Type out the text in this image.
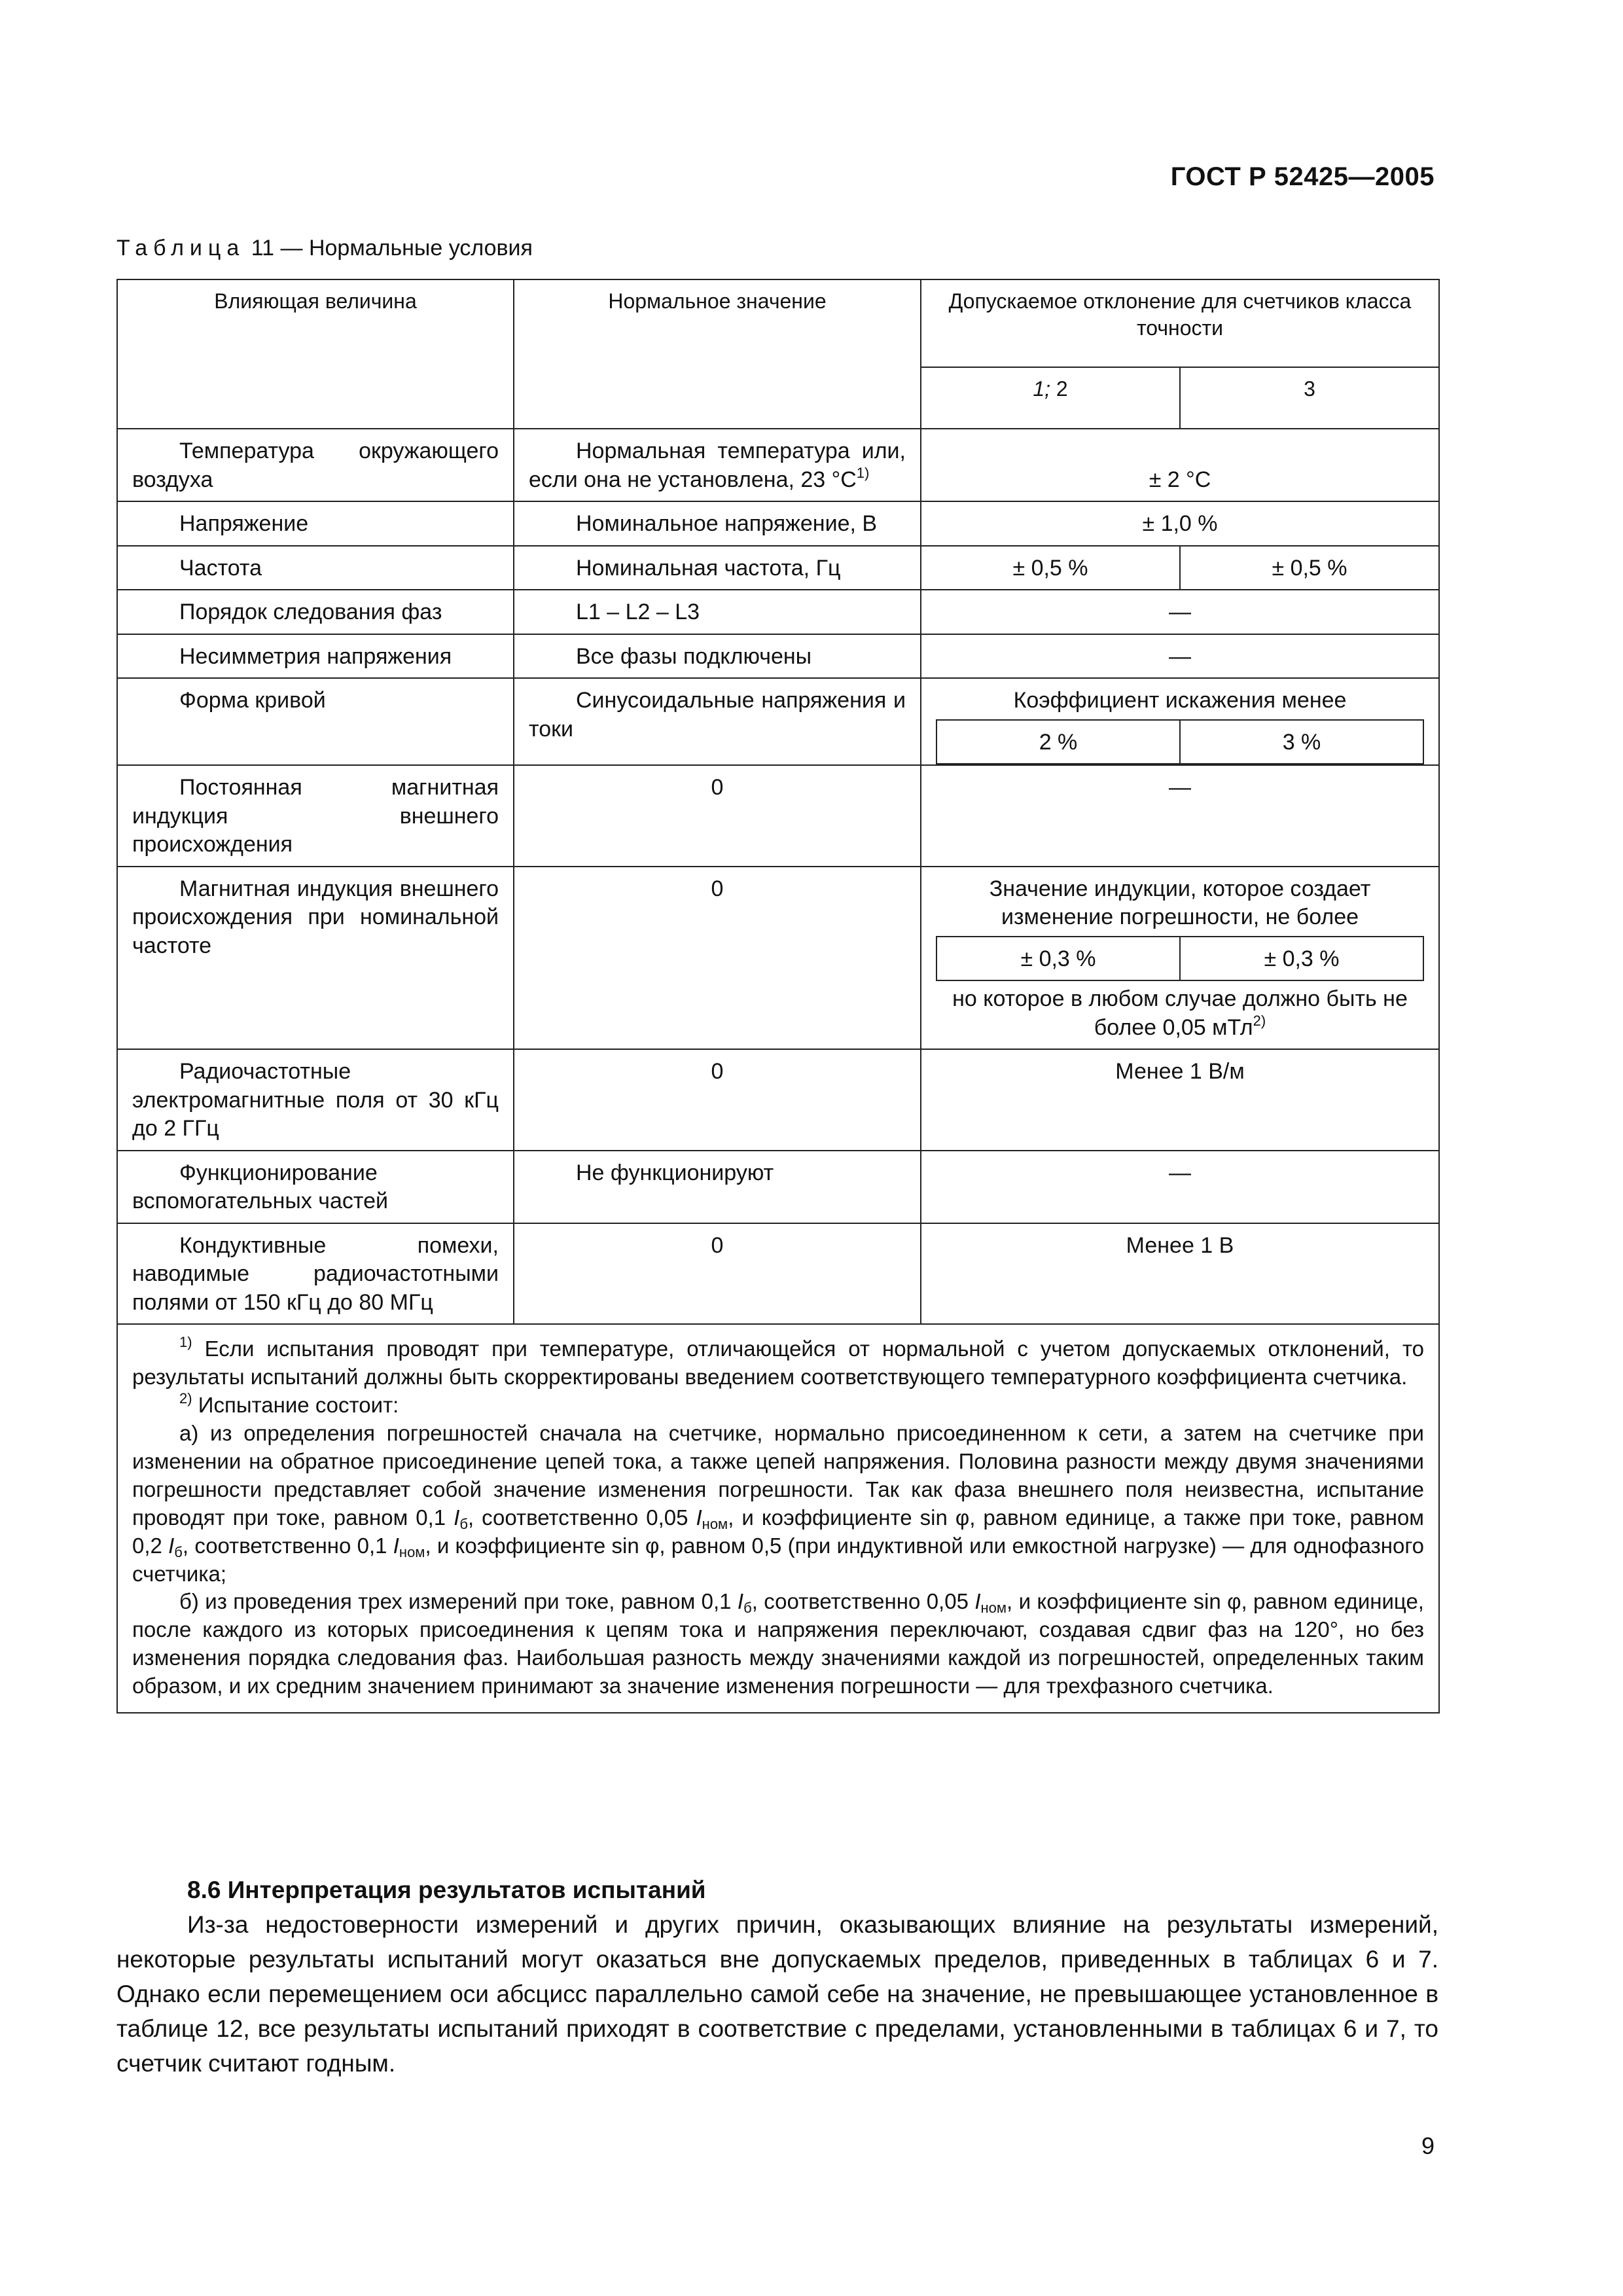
ГОСТ Р 52425—2005
Таблица 11 — Нормальные условия
Влияющая величина	Нормальное значение	Допускаемое отклонение для счетчиков класса точности
1; 2	3
Температура окружающего воздуха	Нормальная температура или, если она не установлена, 23 $^\circ С^{1)}$	± 2 °С
Напряжение	Номинальное напряжение, В	± 1,0 %
Частота	Номинальная частота, Гц	± 0,5 %	± 0,5 %
Порядок следования фаз	L1 – L2 – L3	—
Несимметрия напряжения	Все фазы подключены	—
Форма кривой	Синусоидальные напряжения и токи	
Коэффициент искажения менее
2 %	3 %

Постоянная магнитная индукция внешнего происхождения	0	—
Магнитная индукция внешнего происхождения при номинальной частоте	0	Значение индукции, которое создает изменение погрешности, не более
± 0,3 %	± 0,3 %
но которое в любом случае должно быть не более 0,05 мТл$^{2)}$

Радиочастотные электромагнитные поля от 30 кГц до 2 ГГц	0	Менее 1 В/м
Функционирование вспомогательных частей	Не функционируют	—
Кондуктивные помехи, наводимые радиочастотными полями от 150 кГц до 80 МГц	0	Менее 1 В

$^{1)}$ Если испытания проводят при температуре, отличающейся от нормальной с учетом допускаемых отклонений, то результаты испытаний должны быть скорректированы введением соответствующего температурного коэффициента счетчика.

$^{2)}$ Испытание состоит:

а) из определения погрешностей сначала на счетчике, нормально присоединенном к сети, а затем на счетчике при изменении на обратное присоединение цепей тока, а также цепей напряжения. Половина разности между двумя значениями погрешности представляет собой значение изменения погрешности. Так как фаза внешнего поля неизвестна, испытание проводят при токе, равном 0,1 $I_б$, соответственно 0,05 $I_{ном}$, и коэффициенте sin φ, равном единице, а также при токе, равном 0,2 $I_б$, соответственно 0,1 $I_{ном}$, и коэффициенте sin φ, равном 0,5 (при индуктивной или емкостной нагрузке) — для однофазного счетчика;

б) из проведения трех измерений при токе, равном 0,1 $I_б$, соответственно 0,05 $I_{ном}$, и коэффициенте sin φ, равном единице, после каждого из которых присоединения к цепям тока и напряжения переключают, создавая сдвиг фаз на 120°, но без изменения порядка следования фаз. Наибольшая разность между значениями каждой из погрешностей, определенных таким образом, и их средним значением принимают за значение изменения погрешности — для трехфазного счетчика.

8.6 Интерпретация результатов испытаний

Из-за недостоверности измерений и других причин, оказывающих влияние на результаты измерений, некоторые результаты испытаний могут оказаться вне допускаемых пределов, приведенных в таблицах 6 и 7. Однако если перемещением оси абсцисс параллельно самой себе на значение, не превышающее установленное в таблице 12, все результаты испытаний приходят в соответствие с пределами, установленными в таблицах 6 и 7, то счетчик считают годным.

9
